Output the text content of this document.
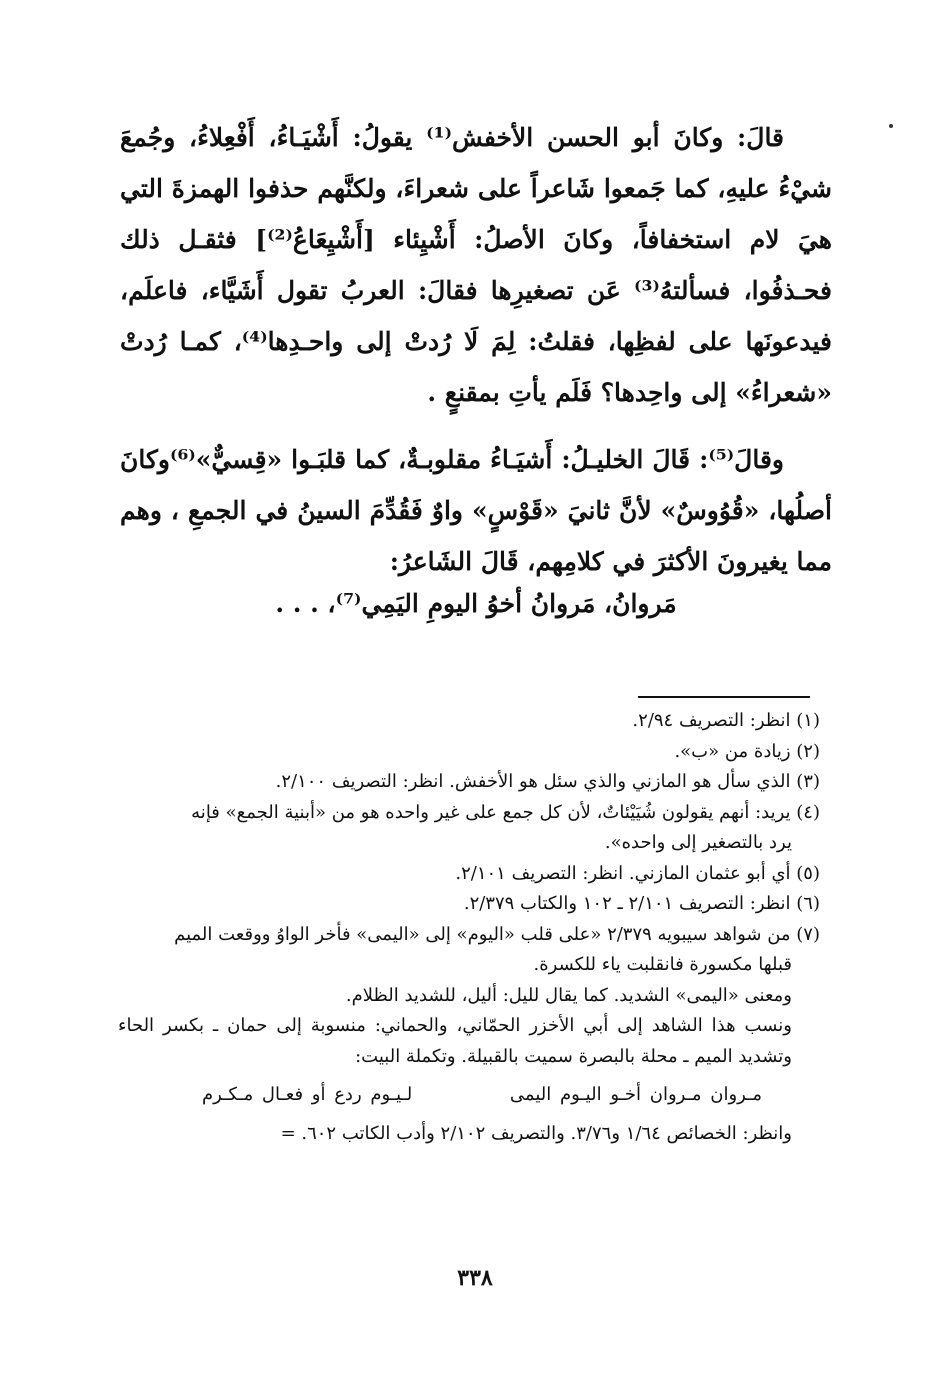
قالَ: وكانَ أبو الحسن الأخفش⁽¹⁾ يقولُ: أَشْيَـاءُ، أَفْعِلاءُ، وجُمعَ شيْءُ عليهِ، كما جَمعوا شَاعراً على شعراءَ، ولكنَّهم حذفوا الهمزةَ التي هيَ لام استخفافاً، وكانَ الأصلُ: أَشْيِئاء [أَشْيِعَاعُ⁽²⁾] فثقـل ذلك فحـذفُوا، فسألتهُ⁽³⁾ عَن تصغيرِها فقالَ: العربُ تقول أَشَيَّاء، فاعلَم، فيدعونَها على لفظِها، فقلتُ: لِمَ لَا رُدتْ إلى واحـدِها⁽⁴⁾، كمـا رُدتْ «شعراءُ» إلى واحِدها؟ فَلَم يأتِ بمقنعٍ .

وقالَ⁽⁵⁾: قَالَ الخليـلُ: أَشيَـاءُ مقلوبـةٌ، كما قلبَـوا «قِسيٌّ»⁽⁶⁾وكانَ أصلُها، «قُوُوسٌ» لأنَّ ثانيَ «قَوْسٍ» واوٌ فَقُدِّمَ السينُ في الجمعِ ، وهم مما يغيرونَ الأكثرَ في كلامِهم، قَالَ الشَاعرُ:

مَروانُ، مَروانُ أخوُ اليومِ اليَمِي⁽⁷⁾، . . .
(١) انظر: التصريف ٢/٩٤.
(٢) زيادة من «ب».
(٣) الذي سأل هو المازني والذي سئل هو الأخفش. انظر: التصريف ٢/١٠٠.
(٤) يريد: أنهم يقولون شُيَيْئاتٌ، لأن كل جمع على غير واحده هو من «أبنية الجمع» فإنه
يرد بالتصغير إلى واحده».
(٥) أي أبو عثمان المازني. انظر: التصريف ٢/١٠١.
(٦) انظر: التصريف ٢/١٠١ ـ ١٠٢ والكتاب ٢/٣٧٩.
(٧) من شواهد سيبويه ٢/٣٧٩ «على قلب «اليوم» إلى «اليمى» فأخر الواوُ ووقعت الميم
قبلها مكسورة فانقلبت ياء للكسرة.
ومعنى «اليمى» الشديد. كما يقال لليل: أليل، للشديد الظلام.
ونسب هذا الشاهد إلى أبي الأخزر الحمّاني، والحماني: منسوبة إلى حمان ـ بكسر الحاء وتشديد الميم ـ محلة بالبصرة سميت بالقبيلة. وتكملة البيت:
مـروان مـروان أخـو اليـوم اليمى
لـيـوم ردع أو فعـال مـكـرم
وانظر: الخصائص ١/٦٤ و٣/٧٦. والتصريف ٢/١٠٢ وأدب الكاتب ٦٠٢. =
٣٣٨
